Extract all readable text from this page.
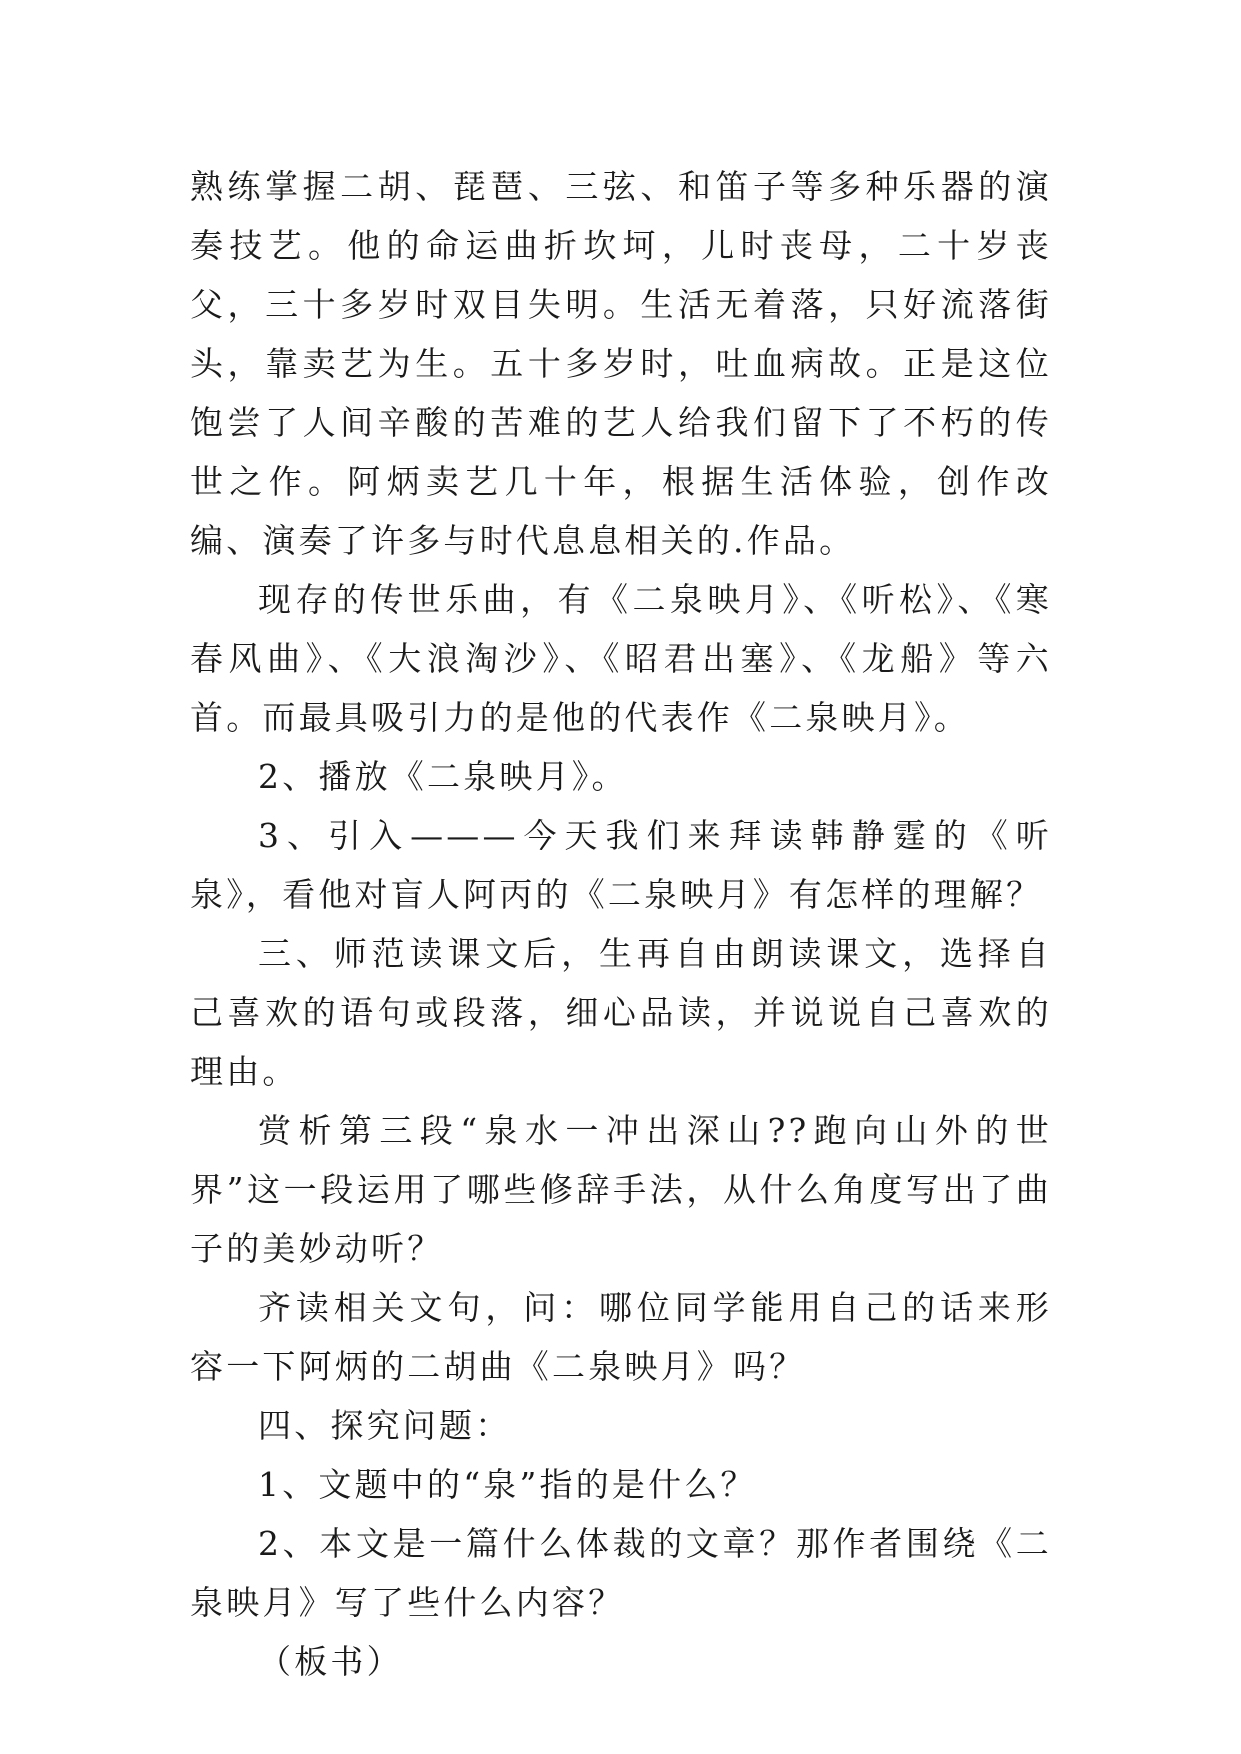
熟练掌握二胡、琵琶、三弦、和笛子等多种乐器的演奏技艺。他的命运曲折坎坷，儿时丧母，二十岁丧父，三十多岁时双目失明。生活无着落，只好流落街头，靠卖艺为生。五十多岁时，吐血病故。正是这位饱尝了人间辛酸的苦难的艺人给我们留下了不朽的传世之作。阿炳卖艺几十年，根据生活体验，创作改编、演奏了许多与时代息息相关的.作品。

现存的传世乐曲，有《二泉映月》、《听松》、《寒春风曲》、《大浪淘沙》、《昭君出塞》、《龙船》等六首。而最具吸引力的是他的代表作《二泉映月》。

2、播放《二泉映月》。

3、引入———今天我们来拜读韩静霆的《听泉》，看他对盲人阿丙的《二泉映月》有怎样的理解？

三、师范读课文后，生再自由朗读课文，选择自己喜欢的语句或段落，细心品读，并说说自己喜欢的理由。

赏析第三段“泉水一冲出深山??跑向山外的世界”这一段运用了哪些修辞手法，从什么角度写出了曲子的美妙动听？

齐读相关文句，问：哪位同学能用自己的话来形容一下阿炳的二胡曲《二泉映月》吗？

四、探究问题：

1、文题中的“泉”指的是什么？

2、本文是一篇什么体裁的文章？那作者围绕《二泉映月》写了些什么内容？

（板书）
